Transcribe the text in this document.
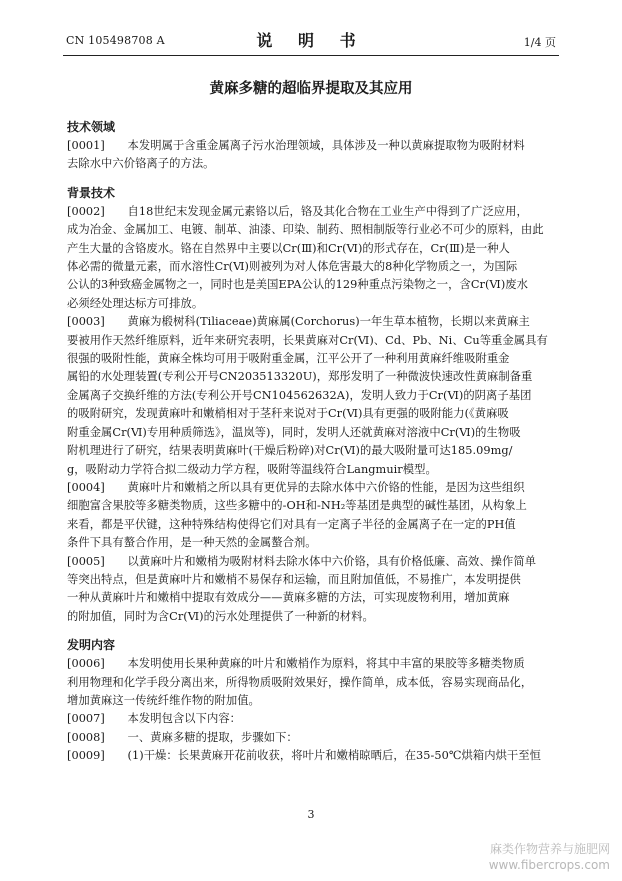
CN 105498708 A	说 明 书	1/4 页
黄麻多糖的超临界提取及其应用
技术领域
[0001]　　本发明属于含重金属离子污水治理领域，具体涉及一种以黄麻提取物为吸附材料
去除水中六价铬离子的方法。
背景技术
[0002]　　自18世纪末发现金属元素铬以后，铬及其化合物在工业生产中得到了广泛应用，
成为冶金、金属加工、电镀、制革、油漆、印染、制药、照相制版等行业必不可少的原料，由此
产生大量的含铬废水。铬在自然界中主要以Cr(Ⅲ)和Cr(Ⅵ)的形式存在，Cr(Ⅲ)是一种人
体必需的微量元素，而水溶性Cr(Ⅵ)则被列为对人体危害最大的8种化学物质之一，为国际
公认的3种致癌金属物之一，同时也是美国EPA公认的129种重点污染物之一，含Cr(Ⅵ)废水
必须经处理达标方可排放。
[0003]　　黄麻为椴树科(Tiliaceae)黄麻属(Corchorus)一年生草本植物，长期以来黄麻主
要被用作天然纤维原料，近年来研究表明，长果黄麻对Cr(Ⅵ)、Cd、Pb、Ni、Cu等重金属具有
很强的吸附性能，黄麻全株均可用于吸附重金属，江平公开了一种利用黄麻纤维吸附重金
属铅的水处理装置(专利公开号CN203513320U)，郑彤发明了一种微波快速改性黄麻制备重
金属离子交换纤维的方法(专利公开号CN104562632A)，发明人致力于Cr(Ⅵ)的阴离子基团
的吸附研究，发现黄麻叶和嫩梢相对于茎秆来说对于Cr(Ⅵ)具有更强的吸附能力(《黄麻吸
附重金属Cr(Ⅵ)专用种质筛选》，温岚等)，同时，发明人还就黄麻对溶液中Cr(Ⅵ)的生物吸
附机理进行了研究，结果表明黄麻叶(干燥后粉碎)对Cr(Ⅵ)的最大吸附量可达185.09mg/
g，吸附动力学符合拟二级动力学方程，吸附等温线符合Langmuir模型。
[0004]　　黄麻叶片和嫩梢之所以具有更优异的去除水体中六价铬的性能，是因为这些组织
细胞富含果胶等多糖类物质，这些多糖中的-OH和-NH₂等基团是典型的碱性基团，从构象上
来看，都是平伏键，这种特殊结构使得它们对具有一定离子半径的金属离子在一定的PH值
条件下具有螯合作用，是一种天然的金属螯合剂。
[0005]　　以黄麻叶片和嫩梢为吸附材料去除水体中六价铬，具有价格低廉、高效、操作简单
等突出特点，但是黄麻叶片和嫩梢不易保存和运输，而且附加值低，不易推广，本发明提供
一种从黄麻叶片和嫩梢中提取有效成分——黄麻多糖的方法，可实现废物利用，增加黄麻
的附加值，同时为含Cr(Ⅵ)的污水处理提供了一种新的材料。
发明内容
[0006]　　本发明使用长果种黄麻的叶片和嫩梢作为原料，将其中丰富的果胶等多糖类物质
利用物理和化学手段分离出来，所得物质吸附效果好，操作简单，成本低，容易实现商品化，
增加黄麻这一传统纤维作物的附加值。
[0007]　　本发明包含以下内容：
[0008]　　一、黄麻多糖的提取，步骤如下：
[0009]　　(1)干燥：长果黄麻开花前收获，将叶片和嫩梢晾晒后，在35-50℃烘箱内烘干至恒
3
麻类作物营养与施肥网
www.fibercrops.com
